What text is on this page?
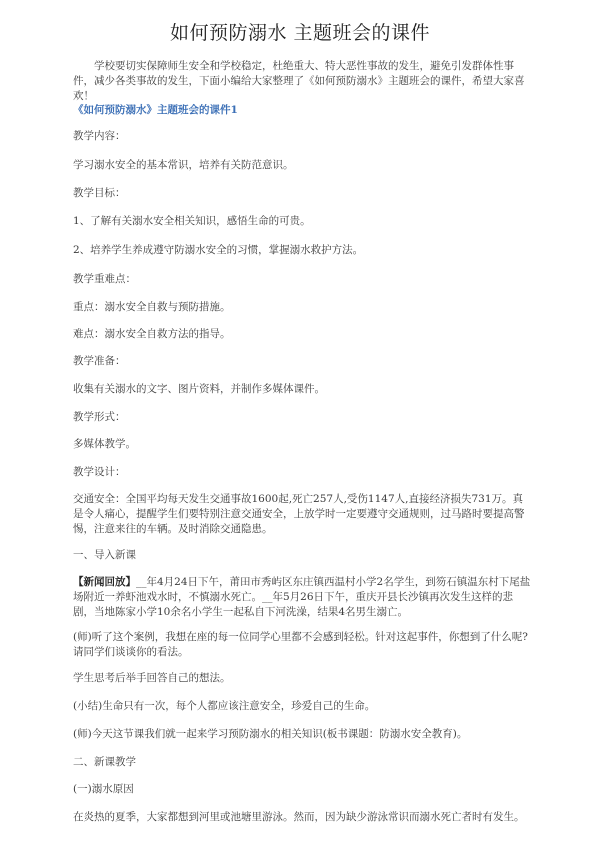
如何预防溺水 主题班会的课件

学校要切实保障师生安全和学校稳定，杜绝重大、特大恶性事故的发生，避免引发群体性事件，减少各类事故的发生，下面小编给大家整理了《如何预防溺水》主题班会的课件，希望大家喜欢！

《如何预防溺水》主题班会的课件1

教学内容：

学习溺水安全的基本常识，培养有关防范意识。

教学目标：

1、了解有关溺水安全相关知识，感悟生命的可贵。

2、培养学生养成遵守防溺水安全的习惯，掌握溺水救护方法。

教学重难点：

重点：溺水安全自救与预防措施。

难点：溺水安全自救方法的指导。

教学准备：

收集有关溺水的文字、图片资料，并制作多媒体课件。

教学形式：

多媒体教学。

教学设计：

交通安全：全国平均每天发生交通事故1600起,死亡257人,受伤1147人,直接经济损失731万。真是令人痛心，提醒学生们要特别注意交通安全，上放学时一定要遵守交通规则，过马路时要提高警惕，注意来往的车辆。及时消除交通隐患。

一、导入新课

【新闻回放】__年4月24日下午，莆田市秀屿区东庄镇西温村小学2名学生，到笏石镇温东村下尾盐场附近一养虾池戏水时，不慎溺水死亡。__年5月26日下午，重庆开县长沙镇再次发生这样的悲剧，当地陈家小学10余名小学生一起私自下河洗澡，结果4名男生溺亡。

(师)听了这个案例，我想在座的每一位同学心里都不会感到轻松。针对这起事件，你想到了什么呢?请同学们谈谈你的看法。

学生思考后举手回答自己的想法。

(小结)生命只有一次，每个人都应该注意安全，珍爱自己的生命。

(师)今天这节课我们就一起来学习预防溺水的相关知识(板书课题：防溺水安全教育)。

二、新课教学

(一)溺水原因

在炎热的夏季，大家都想到河里或池塘里游泳。然而，因为缺少游泳常识而溺水死亡者时有发生。
